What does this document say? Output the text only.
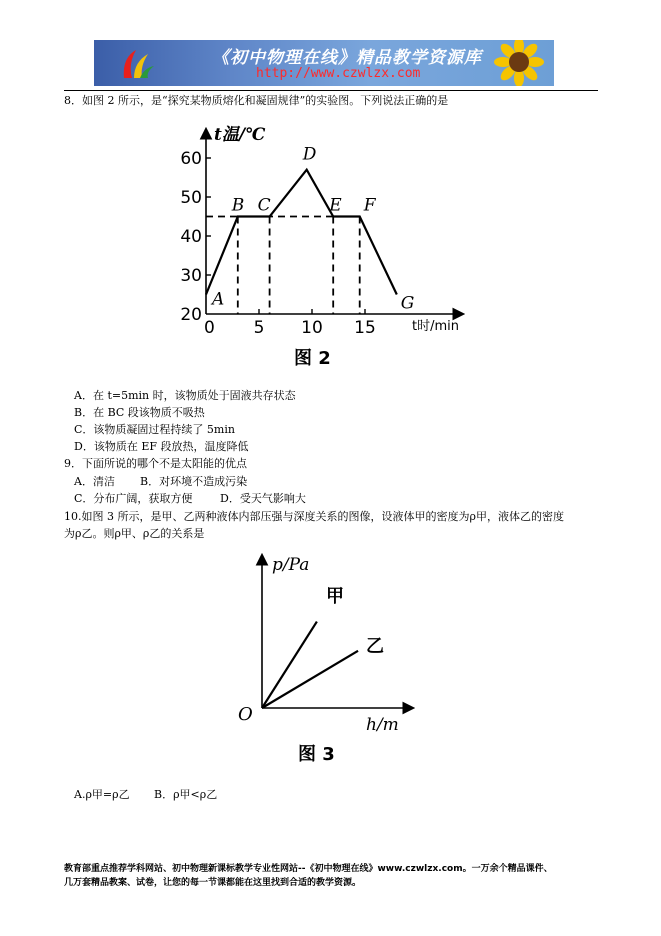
《初中物理在线》精品教学资源库
http://www.czwlzx.com
8．如图 2 所示，是“探究某物质熔化和凝固规律”的实验图。下列说法正确的是
20
30
40
50
60
0 5 10 15
A
B C
D
E F
G
t温/℃
t时/min
图 2
A．在 t=5min 时，该物质处于固液共存状态
B．在 BC 段该物质不吸热
C．该物质凝固过程持续了 5min
D．该物质在 EF 段放热，温度降低
9．下面所说的哪个不是太阳能的优点
A．清洁 B．对环境不造成污染
C．分布广阔，获取方便	D．受天气影响大
10.如图 3 所示，是甲、乙两种液体内部压强与深度关系的图像，设液体甲的密度为ρ甲，液体乙的密度
为ρ乙。则ρ甲、ρ乙的关系是
p/Pa
h/m
O
甲
乙
图 3
A.ρ甲=ρ乙 B．ρ甲<ρ乙
教育部重点推荐学科网站、初中物理新课标教学专业性网站--《初中物理在线》www.czwlzx.com。一万余个精品课件、
几万套精品教案、试卷，让您的每一节课都能在这里找到合适的教学资源。
